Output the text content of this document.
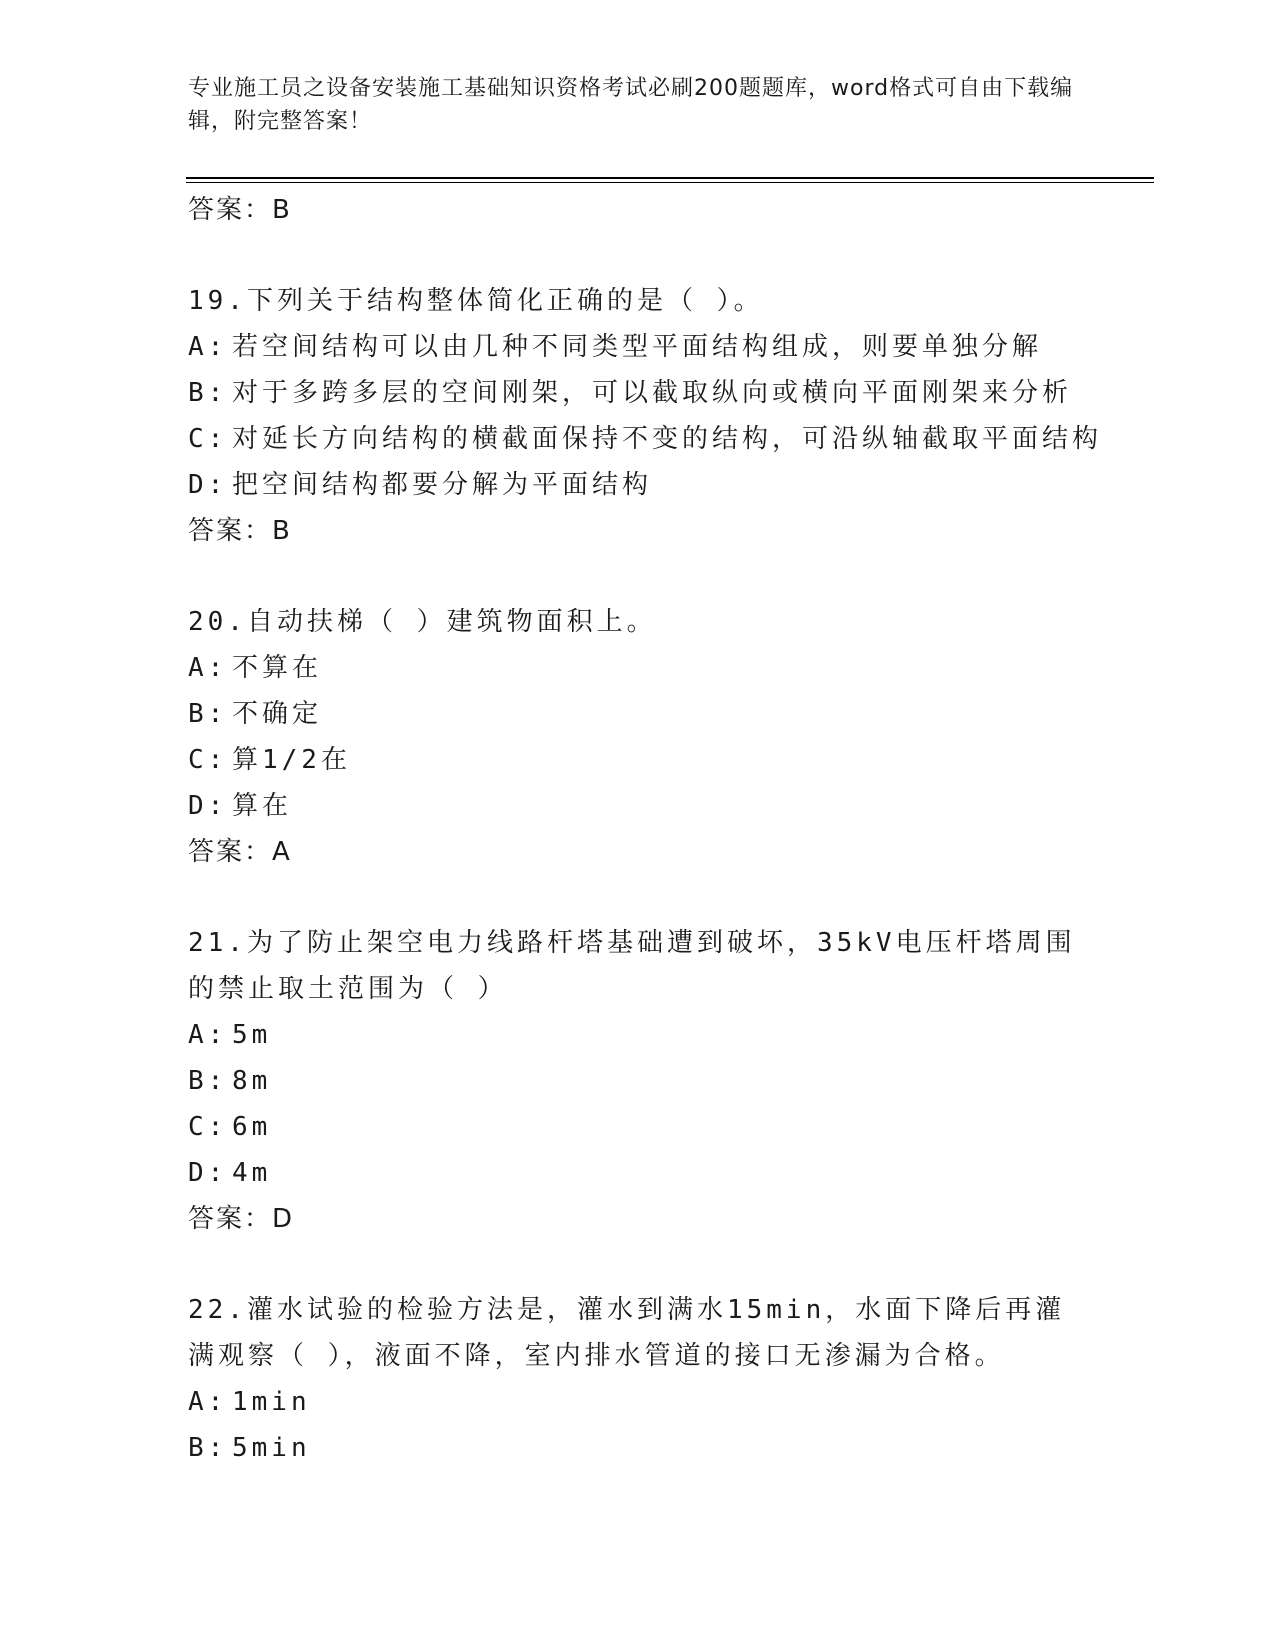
专业施工员之设备安装施工基础知识资格考试必刷200题题库，word格式可自由下载编辑，附完整答案！
答案：B
19.下列关于结构整体简化正确的是（ ）。
A: 若空间结构可以由几种不同类型平面结构组成，则要单独分解
B: 对于多跨多层的空间刚架，可以截取纵向或横向平面刚架来分析
C: 对延长方向结构的横截面保持不变的结构，可沿纵轴截取平面结构
D: 把空间结构都要分解为平面结构
答案：B
20.自动扶梯（ ）建筑物面积上。
A: 不算在
B: 不确定
C: 算1/2在
D: 算在
答案：A
21.为了防止架空电力线路杆塔基础遭到破坏，35kV电压杆塔周围的禁止取土范围为（ ）
A: 5m
B: 8m
C: 6m
D: 4m
答案：D
22.灌水试验的检验方法是，灌水到满水15min，水面下降后再灌满观察（ ），液面不降，室内排水管道的接口无渗漏为合格。
A: 1min
B: 5min
